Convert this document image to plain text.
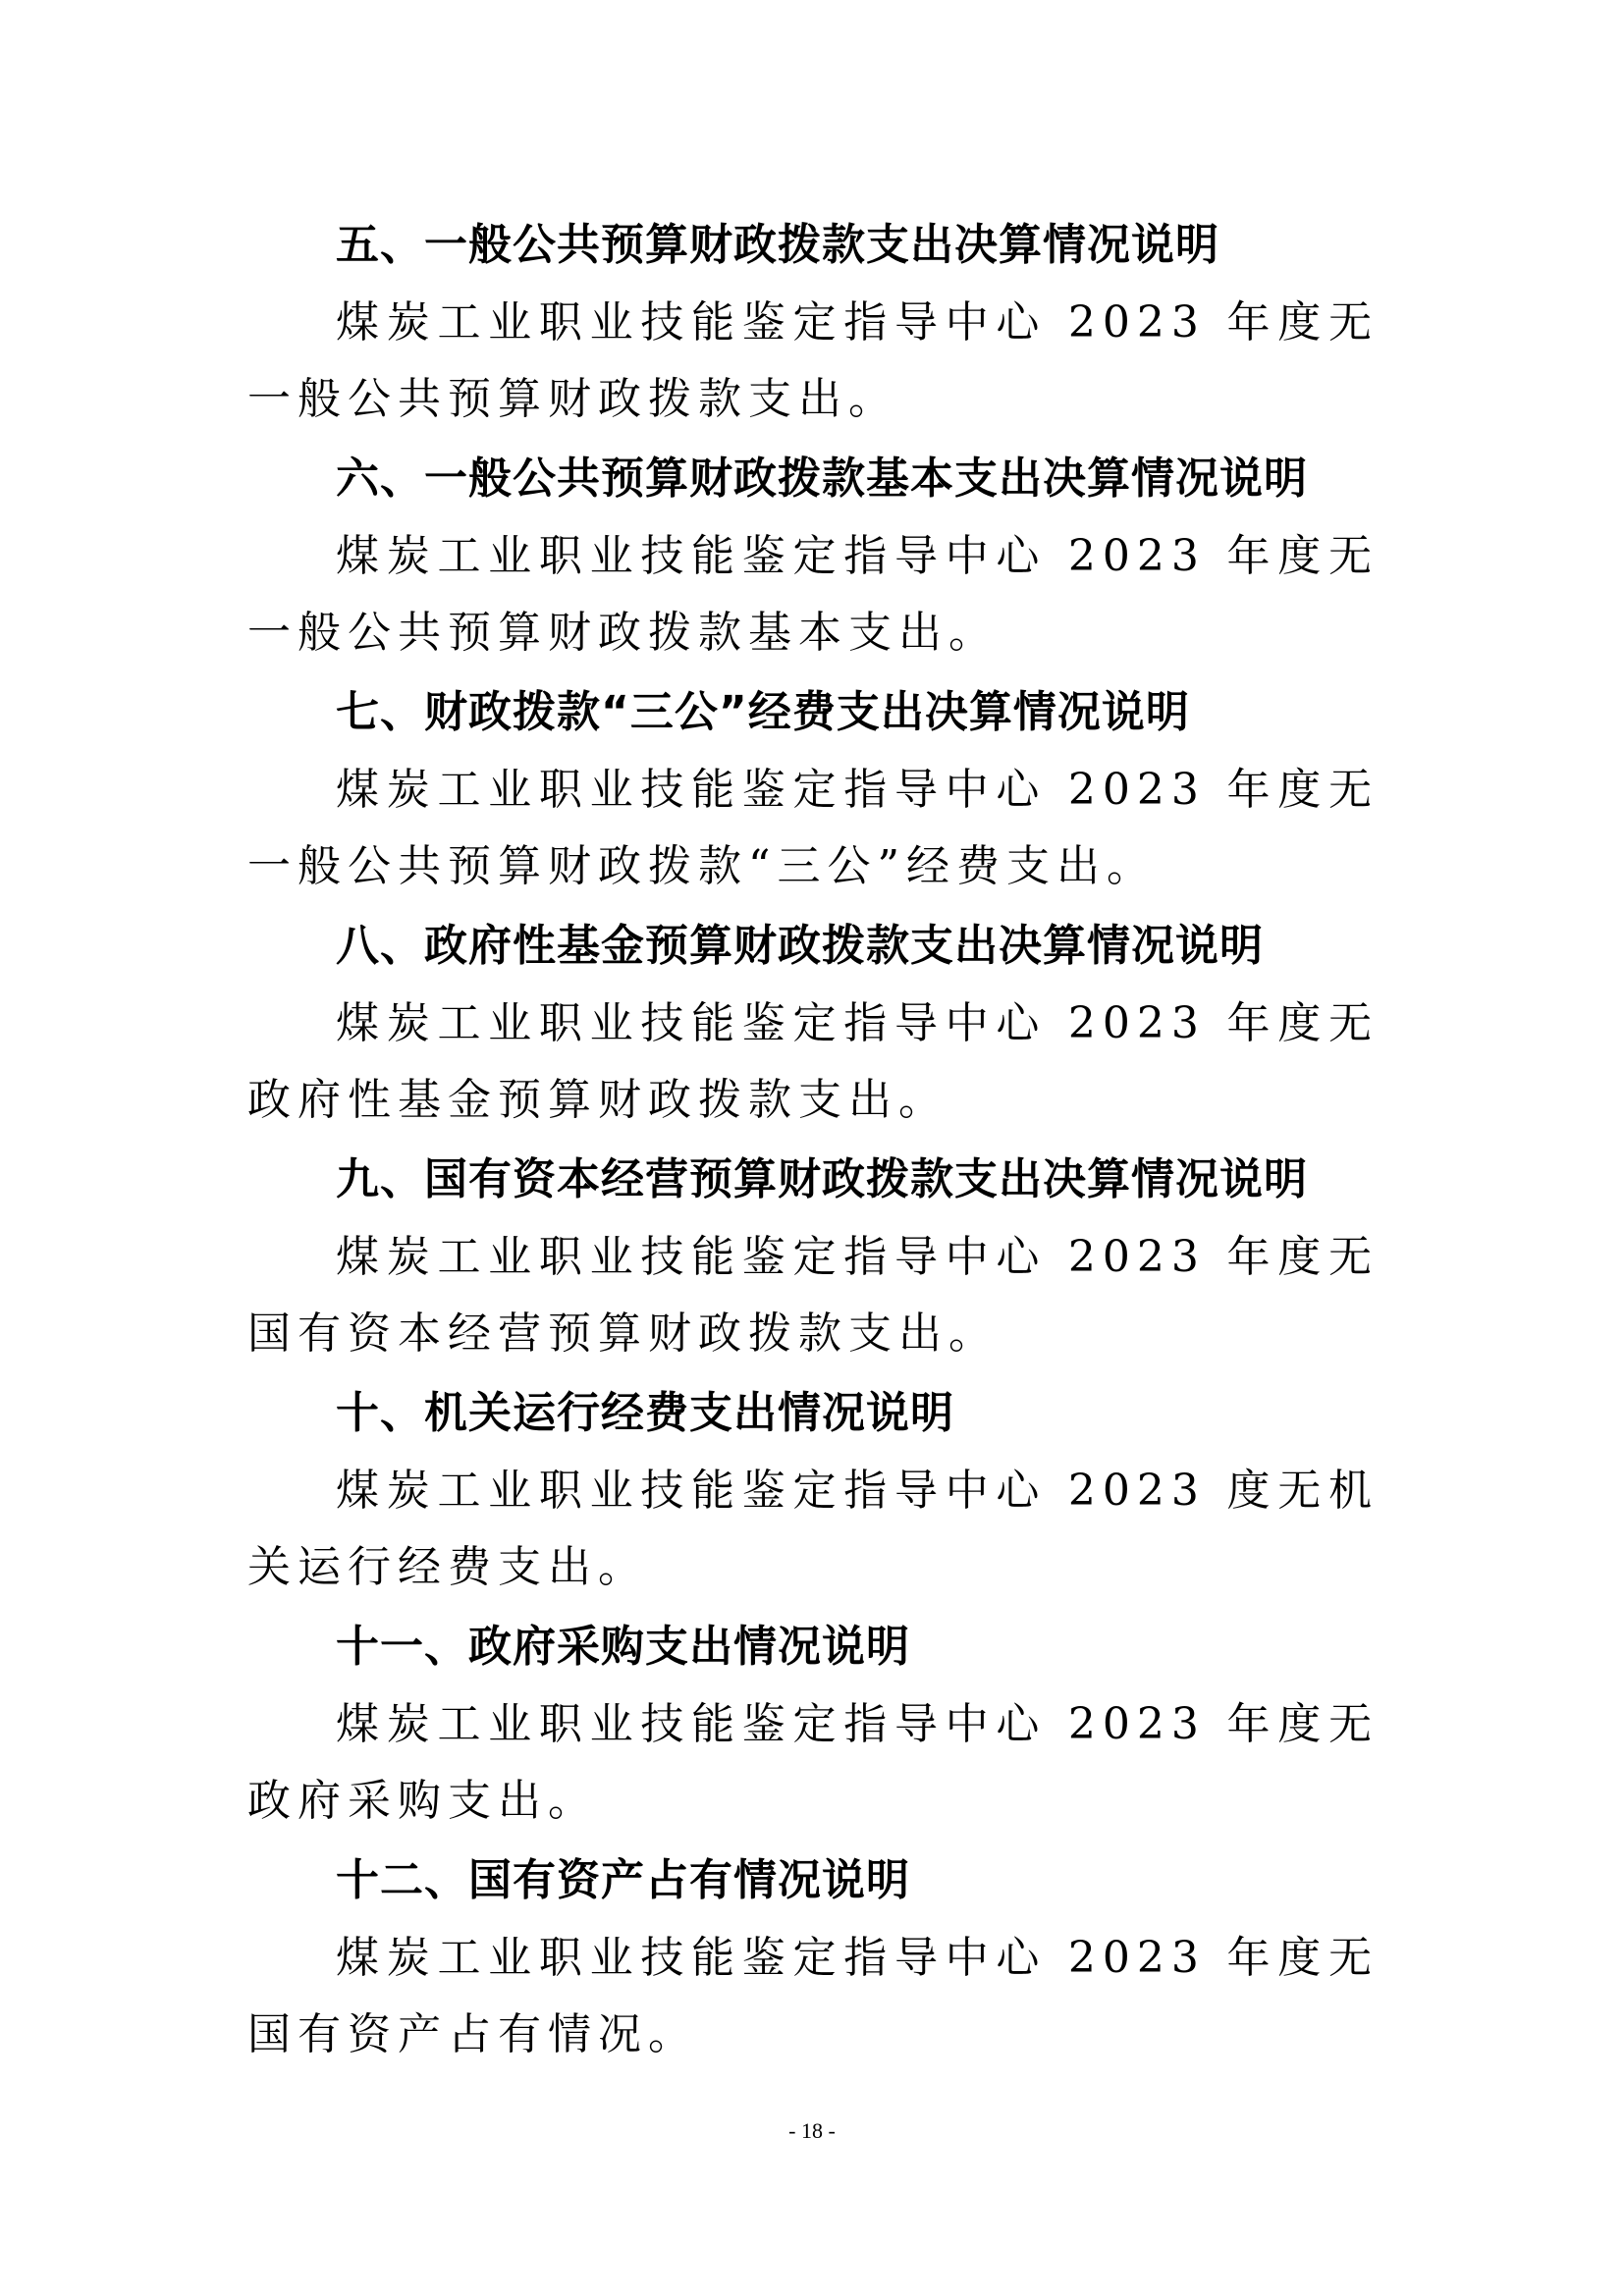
五、一般公共预算财政拨款支出决算情况说明
煤炭工业职业技能鉴定指导中心 2023 年度无一般公共预算财政拨款支出。
六、一般公共预算财政拨款基本支出决算情况说明
煤炭工业职业技能鉴定指导中心 2023 年度无一般公共预算财政拨款基本支出。
七、财政拨款“三公”经费支出决算情况说明
煤炭工业职业技能鉴定指导中心 2023 年度无一般公共预算财政拨款“三公”经费支出。
八、政府性基金预算财政拨款支出决算情况说明
煤炭工业职业技能鉴定指导中心 2023 年度无政府性基金预算财政拨款支出。
九、国有资本经营预算财政拨款支出决算情况说明
煤炭工业职业技能鉴定指导中心 2023 年度无国有资本经营预算财政拨款支出。
十、机关运行经费支出情况说明
煤炭工业职业技能鉴定指导中心 2023 度无机关运行经费支出。
十一、政府采购支出情况说明
煤炭工业职业技能鉴定指导中心 2023 年度无政府采购支出。
十二、国有资产占有情况说明
煤炭工业职业技能鉴定指导中心 2023 年度无国有资产占有情况。
- 18 -
